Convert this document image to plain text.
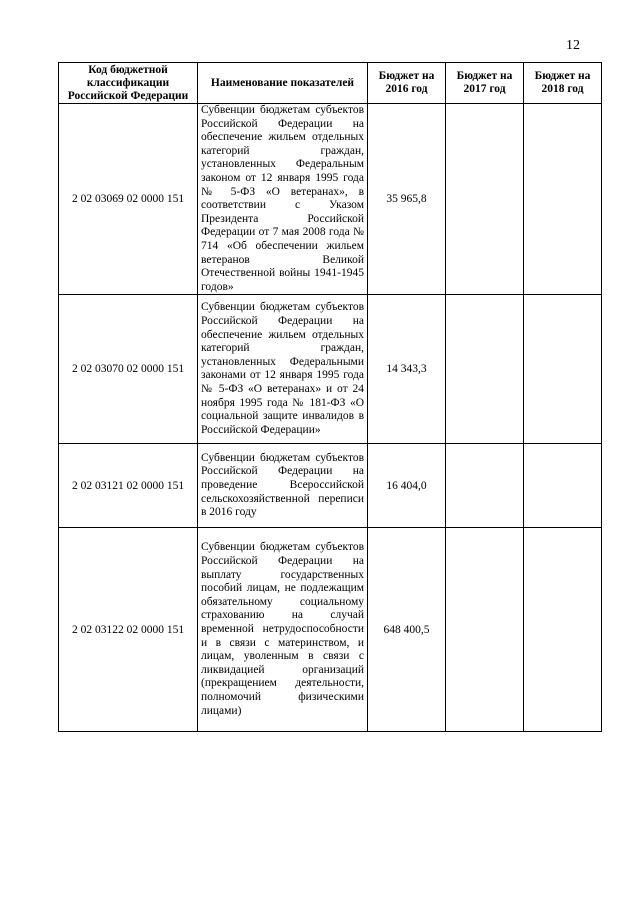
12
Код бюджетной классификации Российской Федерации	Наименование показателей	Бюджет на 2016 год	Бюджет на 2017 год	Бюджет на 2018 год
2 02 03069 02 0000 151	Субвенции бюджетам субъектов Российской Федерации на обеспечение жильем отдельных категорий граждан, установленных Федеральным законом от 12 января 1995 года № 5-ФЗ «О ветеранах», в соответствии с Указом Президента Российской Федерации от 7 мая 2008 года № 714 «Об обеспечении жильем ветеранов Великой Отечественной войны 1941-1945 годов»	35 965,8		
2 02 03070 02 0000 151	Субвенции бюджетам субъектов Российской Федерации на обеспечение жильем отдельных категорий граждан, установленных Федеральными законами от 12 января 1995 года № 5-ФЗ «О ветеранах» и от 24 ноября 1995 года № 181-ФЗ «О социальной защите инвалидов в Российской Федерации»	14 343,3		
2 02 03121 02 0000 151	Субвенции бюджетам субъектов Российской Федерации на проведение Всероссийской сельскохозяйственной переписи в 2016 году	16 404,0		
2 02 03122 02 0000 151	Субвенции бюджетам субъектов Российской Федерации на выплату государственных пособий лицам, не подлежащим обязательному социальному страхованию на случай временной нетрудоспособности и в связи с материнством, и лицам, уволенным в связи с ликвидацией организаций (прекращением деятельности, полномочий физическими лицами)	648 400,5		
